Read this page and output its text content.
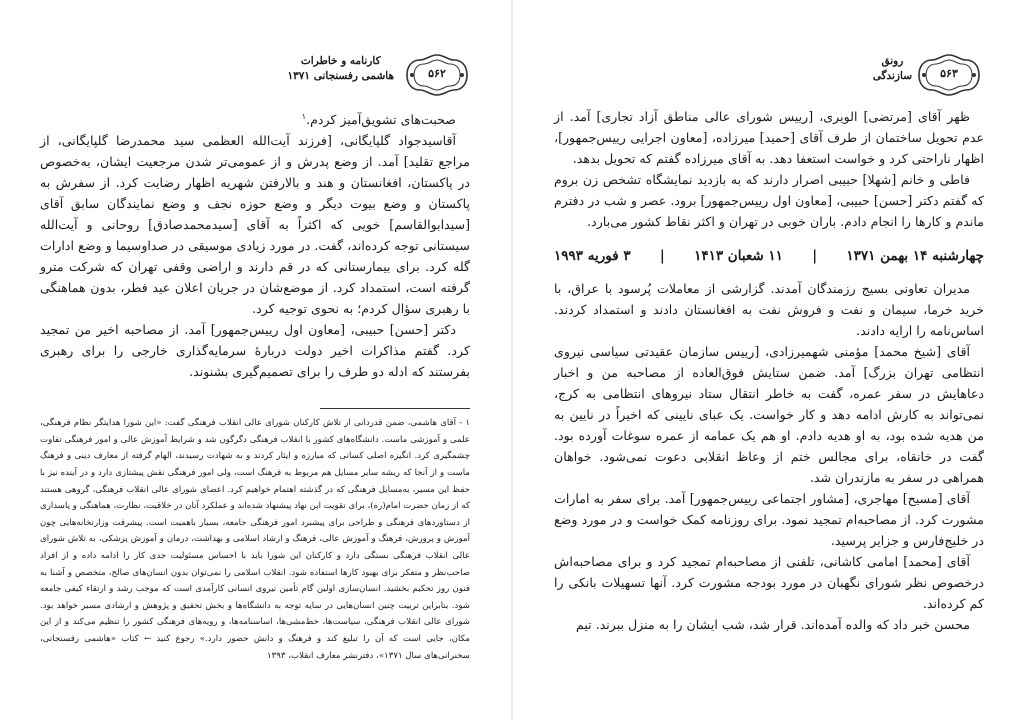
۵۶۲
کارنامه و خاطرات
هاشمی رفسنجانی ۱۳۷۱

صحبت‌های تشویق‌آمیز کردم.$^۱$

آقاسیدجواد گلپایگانی، [فرزند آیت‌الله العظمی سید محمدرضا گلپایگانی، از مراجع تقلید] آمد. از وضع پدرش و از عمومی‌تر شدن مرجعیت ایشان، به‌خصوص در پاکستان، افغانستان و هند و بالارفتن شهریه اظهار رضایت کرد. از سفرش به پاکستان و وضع بیوت دیگر و وضع حوزه نجف و وضع نمایندگان سابق آقای [سیدابوالقاسم] خویی که اکثراً به آقای [سیدمحمدصادق] روحانی و آیت‌الله سیستانی توجه کرده‌اند، گفت. در مورد زیادی موسیقی در صداوسیما و وضع ادارات گله کرد. برای بیمارستانی که در قم دارند و اراضی وقفی تهران که شرکت مترو گرفته است، استمداد کرد. از موضع‌شان در جریان اعلان عید فطر، بدون هماهنگی با رهبری سؤال کردم؛ به نحوی توجیه کرد.

دکتر [حسن] حبیبی، [معاون اول رییس‌جمهور] آمد. از مصاحبه اخیر من تمجید کرد. گفتم مذاکرات اخیر دولت دربارهٔ سرمایه‌گذاری خارجی را برای رهبری بفرستند که ادله دو طرف را برای تصمیم‌گیری بشنوند.

۱ - آقای هاشمی، ضمن قدردانی از تلاش کارکنان شورای عالی انقلاب فرهنگی گفت: «این شورا هدایتگر نظام فرهنگی، علمی و آموزشی ماست. دانشگاه‌های کشور با انقلاب فرهنگی دگرگون شد و شرایط آموزش عالی و امور فرهنگی تفاوت چشمگیری کرد. انگیزه اصلی کسانی که مبارزه و ایثار کردند و به شهادت رسیدند، الهام گرفته از معارف دینی و فرهنگ ماست و از آنجا که ریشه سایر مسایل هم مربوط به فرهنگ است، ولی امور فرهنگی نقش پیشتازی دارد و در آینده نیز با حفظ این مسیر، به‌مسایل فرهنگی که در گذشته اهتمام خواهیم کرد. اعضای شورای عالی انقلاب فرهنگی، گروهی هستند که از زمان حضرت امام(ره)، برای تقویت این نهاد پیشنهاد شده‌اند و عملکرد آنان در خلاقیت، نظارت، هماهنگی و پاسداری از دستاوردهای فرهنگی و طراحی برای پیشبرد امور فرهنگی جامعه، بسیار باهمیت است. پیشرفت وزارتخانه‌هایی چون آموزش و پرورش، فرهنگ و آموزش عالی، فرهنگ و ارشاد اسلامی و بهداشت، درمان و آموزش پزشکی، به تلاش شورای عالی انقلاب فرهنگی بستگی دارد و کارکنان این شورا باید با احساس مسئولیت جدی کار را ادامه داده و از افراد صاحب‌نظر و متفکر برای بهبود کارها استفاده شود. انقلاب اسلامی را نمی‌توان بدون انسان‌های صالح، متخصص و آشنا به فنون روز تحکیم بخشید. انسان‌سازی اولین گام تأمین نیروی انسانی کارآمدی است که موجب رشد و ارتقاء کیفی جامعه شود. بنابراین تربیت چنین انسان‌هایی در سایه توجه به دانشگاه‌ها و بخش تحقیق و پژوهش و ارشادی مسیر خواهد بود. شورای عالی انقلاب فرهنگی، سیاست‌ها، خط‌مشی‌ها، اساسنامه‌ها، و رویه‌های فرهنگی کشور را تنظیم می‌کند و از این مکان، جایی است که آن را تبلیغ کند و فرهنگ و دانش حضور دارد.» رجوع کنید ← کتاب «هاشمی رفسنجانی، سخنرانی‌های سال ۱۳۷۱»، دفترنشر معارف انقلاب، ۱۳۹۳

۵۶۳
رونق
سازندگی

ظهر آقای [مرتضی] الویری، [رییس شورای عالی مناطق آزاد تجاری] آمد. از عدم تحویل ساختمان از طرف آقای [حمید] میرزاده، [معاون اجرایی رییس‌جمهور]، اظهار ناراحتی کرد و خواست استعفا دهد. به آقای میرزاده گفتم که تحویل بدهد.

فاطی و خانم [شهلا] حبیبی اصرار دارند که به بازدید نمایشگاه تشخص زن بروم که گفتم دکتر [حسن] حبیبی، [معاون اول رییس‌جمهور] برود. عصر و شب در دفترم ماندم و کارها را انجام دادم. باران خوبی در تهران و اکثر نقاط کشور می‌بارد.

چهارشنبه ۱۴ بهمن ۱۳۷۱
|
۱۱ شعبان ۱۴۱۳
|
۳ فوریه ۱۹۹۳

مدیران تعاونی بسیج رزمندگان آمدند. گزارشی از معاملات پُرسود با عراق، با خرید خرما، سیمان و نفت و فروش نفت به افغانستان دادند و استمداد کردند. اساس‌نامه را ارایه دادند.

آقای [شیخ محمد] مؤمنی شهمیرزادی، [رییس سازمان عقیدتی سیاسی نیروی انتظامی تهران بزرگ] آمد. ضمن ستایش فوق‌العاده از مصاحبه من و اخبار دعاهایش در سفر عمره، گفت به خاطر انتقال ستاد نیروهای انتظامی به کرج، نمی‌تواند به کارش ادامه دهد و کار خواست. یک عبای نایینی که اخیراً در نایین به من هدیه شده بود، به او هدیه دادم. او هم یک عمامه از عمره سوغات آورده بود. گفت در خانقاه، برای مجالس ختم از وعاظ انقلابی دعوت نمی‌شود. خواهان همراهی در سفر به مازندران شد.

آقای [مسیح] مهاجری، [مشاور اجتماعی رییس‌جمهور] آمد. برای سفر به امارات مشورت کرد. از مصاحبه‌ام تمجید نمود. برای روزنامه کمک خواست و در مورد وضع در خلیج‌فارس و جزایر پرسید.

آقای [محمد] امامی کاشانی، تلفنی از مصاحبه‌ام تمجید کرد و برای مصاحبه‌اش درخصوص نظر شورای نگهبان در مورد بودجه مشورت کرد. آنها تسهیلات بانکی را کم کرده‌اند.

محسن خبر داد که والده آمده‌اند. قرار شد، شب ایشان را به منزل ببرند. تیم
